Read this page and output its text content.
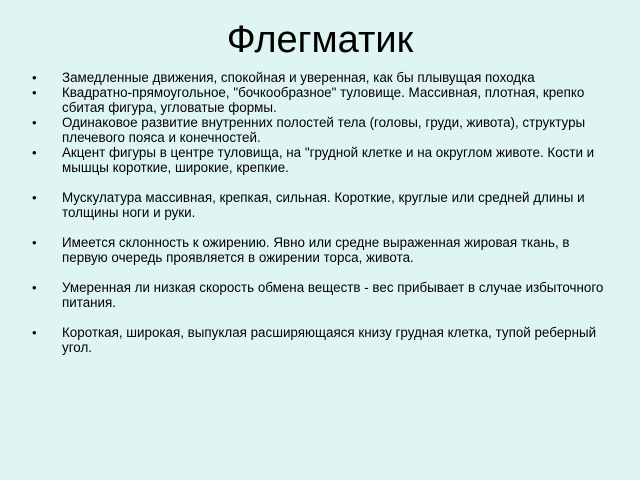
Флегматик
• Замедленные движения, спокойная и уверенная, как бы плывущая походка
• Квадратно-прямоугольное, "бочкообразное" туловище. Массивная, плотная, крепко сбитая фигура, угловатые формы.
• Одинаковое развитие внутренних полостей тела (головы, груди, живота), структуры плечевого пояса и конечностей.
• Акцент фигуры в центре туловища, на "грудной клетке и на округлом животе. Кости и мышцы короткие, широкие, крепкие.
• Мускулатура массивная, крепкая, сильная. Короткие, круглые или средней длины и толщины ноги и руки.
• Имеется склонность к ожирению. Явно или средне выраженная жировая ткань, в первую очередь проявляется в ожирении торса, живота.
• Умеренная ли низкая скорость обмена веществ - вес прибывает в случае избыточного питания.
• Короткая, широкая, выпуклая расширяющаяся книзу грудная клетка, тупой реберный угол.
